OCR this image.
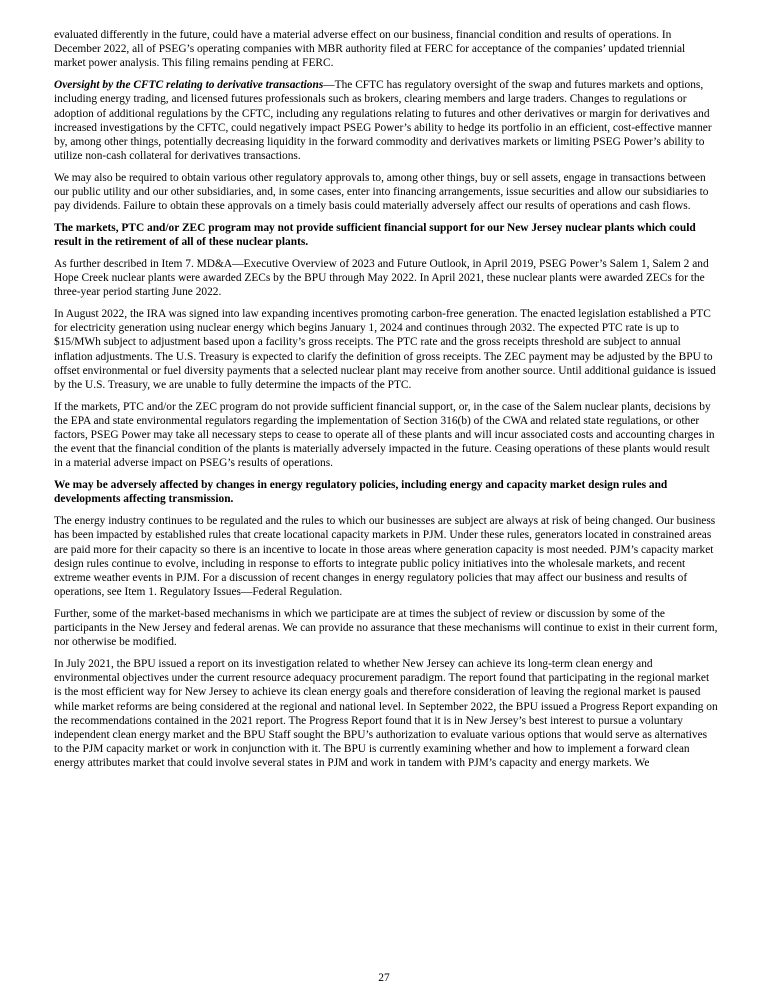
evaluated differently in the future, could have a material adverse effect on our business, financial condition and results of operations. In December 2022, all of PSEG’s operating companies with MBR authority filed at FERC for acceptance of the companies’ updated triennial market power analysis. This filing remains pending at FERC.

Oversight by the CFTC relating to derivative transactions—The CFTC has regulatory oversight of the swap and futures markets and options, including energy trading, and licensed futures professionals such as brokers, clearing members and large traders. Changes to regulations or adoption of additional regulations by the CFTC, including any regulations relating to futures and other derivatives or margin for derivatives and increased investigations by the CFTC, could negatively impact PSEG Power’s ability to hedge its portfolio in an efficient, cost-effective manner by, among other things, potentially decreasing liquidity in the forward commodity and derivatives markets or limiting PSEG Power’s ability to utilize non-cash collateral for derivatives transactions.

We may also be required to obtain various other regulatory approvals to, among other things, buy or sell assets, engage in transactions between our public utility and our other subsidiaries, and, in some cases, enter into financing arrangements, issue securities and allow our subsidiaries to pay dividends. Failure to obtain these approvals on a timely basis could materially adversely affect our results of operations and cash flows.

The markets, PTC and/or ZEC program may not provide sufficient financial support for our New Jersey nuclear plants which could result in the retirement of all of these nuclear plants.

As further described in Item 7. MD&A—Executive Overview of 2023 and Future Outlook, in April 2019, PSEG Power’s Salem 1, Salem 2 and Hope Creek nuclear plants were awarded ZECs by the BPU through May 2022. In April 2021, these nuclear plants were awarded ZECs for the three-year period starting June 2022.

In August 2022, the IRA was signed into law expanding incentives promoting carbon-free generation. The enacted legislation established a PTC for electricity generation using nuclear energy which begins January 1, 2024 and continues through 2032. The expected PTC rate is up to $15/MWh subject to adjustment based upon a facility’s gross receipts. The PTC rate and the gross receipts threshold are subject to annual inflation adjustments. The U.S. Treasury is expected to clarify the definition of gross receipts. The ZEC payment may be adjusted by the BPU to offset environmental or fuel diversity payments that a selected nuclear plant may receive from another source. Until additional guidance is issued by the U.S. Treasury, we are unable to fully determine the impacts of the PTC.

If the markets, PTC and/or the ZEC program do not provide sufficient financial support, or, in the case of the Salem nuclear plants, decisions by the EPA and state environmental regulators regarding the implementation of Section 316(b) of the CWA and related state regulations, or other factors, PSEG Power may take all necessary steps to cease to operate all of these plants and will incur associated costs and accounting charges in the event that the financial condition of the plants is materially adversely impacted in the future. Ceasing operations of these plants would result in a material adverse impact on PSEG’s results of operations.

We may be adversely affected by changes in energy regulatory policies, including energy and capacity market design rules and developments affecting transmission.

The energy industry continues to be regulated and the rules to which our businesses are subject are always at risk of being changed. Our business has been impacted by established rules that create locational capacity markets in PJM. Under these rules, generators located in constrained areas are paid more for their capacity so there is an incentive to locate in those areas where generation capacity is most needed. PJM’s capacity market design rules continue to evolve, including in response to efforts to integrate public policy initiatives into the wholesale markets, and recent extreme weather events in PJM. For a discussion of recent changes in energy regulatory policies that may affect our business and results of operations, see Item 1. Regulatory Issues—Federal Regulation.

Further, some of the market-based mechanisms in which we participate are at times the subject of review or discussion by some of the participants in the New Jersey and federal arenas. We can provide no assurance that these mechanisms will continue to exist in their current form, nor otherwise be modified.

In July 2021, the BPU issued a report on its investigation related to whether New Jersey can achieve its long-term clean energy and environmental objectives under the current resource adequacy procurement paradigm. The report found that participating in the regional market is the most efficient way for New Jersey to achieve its clean energy goals and therefore consideration of leaving the regional market is paused while market reforms are being considered at the regional and national level. In September 2022, the BPU issued a Progress Report expanding on the recommendations contained in the 2021 report. The Progress Report found that it is in New Jersey’s best interest to pursue a voluntary independent clean energy market and the BPU Staff sought the BPU’s authorization to evaluate various options that would serve as alternatives to the PJM capacity market or work in conjunction with it. The BPU is currently examining whether and how to implement a forward clean energy attributes market that could involve several states in PJM and work in tandem with PJM’s capacity and energy markets. We

27
